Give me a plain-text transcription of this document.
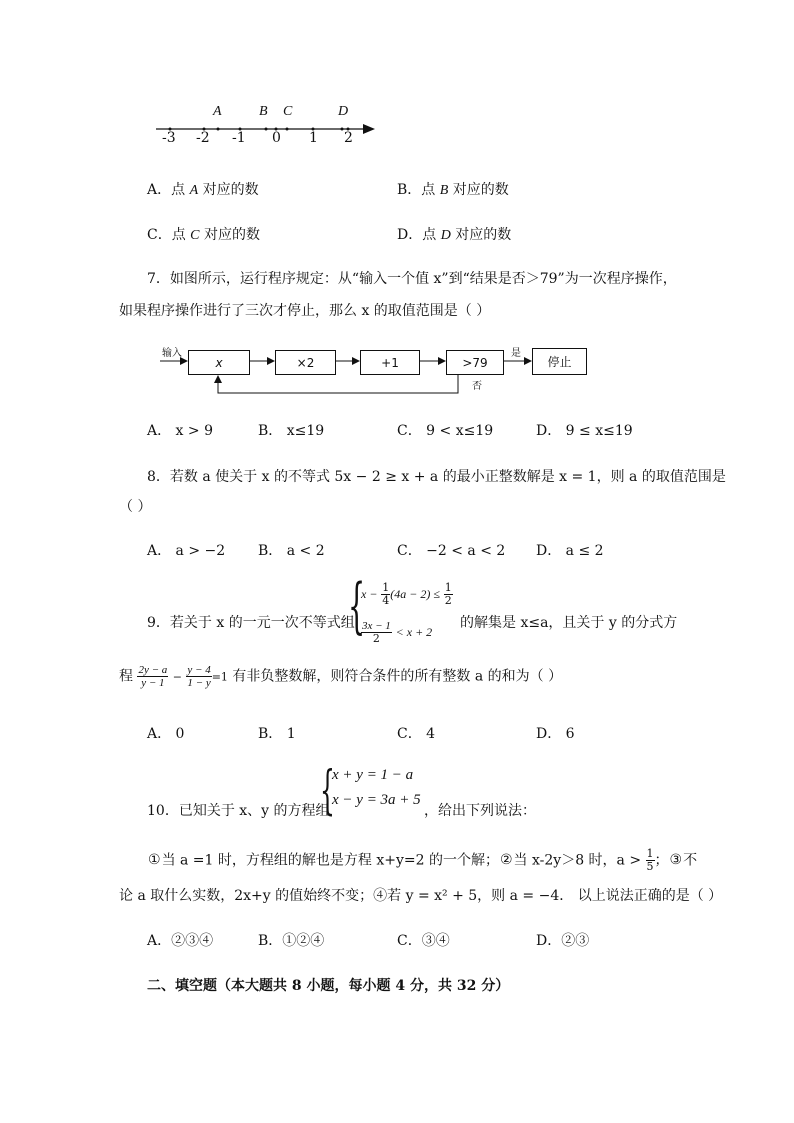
A	B C	D
-3 -2 -1 0 1 2
A．点 A 对应的数	B．点 B 对应的数
C．点 C 对应的数	D．点 D 对应的数
7．如图所示，运行程序规定：从“输入一个值 x”到“结果是否＞79”为一次程序操作，
如果程序操作进行了三次才停止，那么 x 的取值范围是（ ）
输入
x	×2	+1	>79	停止
是
否
A． x > 9	B． x≤19	C． 9 < x≤19	D． 9 ≤ x≤19
8．若数 a 使关于 x 的不等式 5x − 2 ≥ x + a 的最小正整数解是 x = 1，则 a 的取值范围是
（ ）
A． a > −2 B． a < 2	C． −2 < a < 2 D． a ≤ 2
9．若关于 x 的一元一次不等式组
{
$x - \frac{1}{4} (4a - 2) \le \frac{1}{2}$
$\frac{3x - 1}{2} < x + 2$
的解集是 x≤a，且关于 y 的分式方
程 $\frac{2y - a}{y - 1} - \frac{y - 4}{1 - y} =1$ 有非负整数解，则符合条件的所有整数 a 的和为（ ）
A． 0	B． 1	C． 4	D． 6
{
x + y = 1 − a
x − y = 3a + 5
10．已知关于 x、y 的方程组	，给出下列说法：
①当 a =1 时，方程组的解也是方程 x+y=2 的一个解；②当 x-2y＞8 时，$a > \frac{1}{5}$ ；③不
论 a 取什么实数，2x+y 的值始终不变；④若 y = x² + 5，则 a = −4． 以上说法正确的是（ ）
A．②③④	B．①②④	C．③④	D．②③
二、填空题（本大题共 8 小题，每小题 4 分，共 32 分）
